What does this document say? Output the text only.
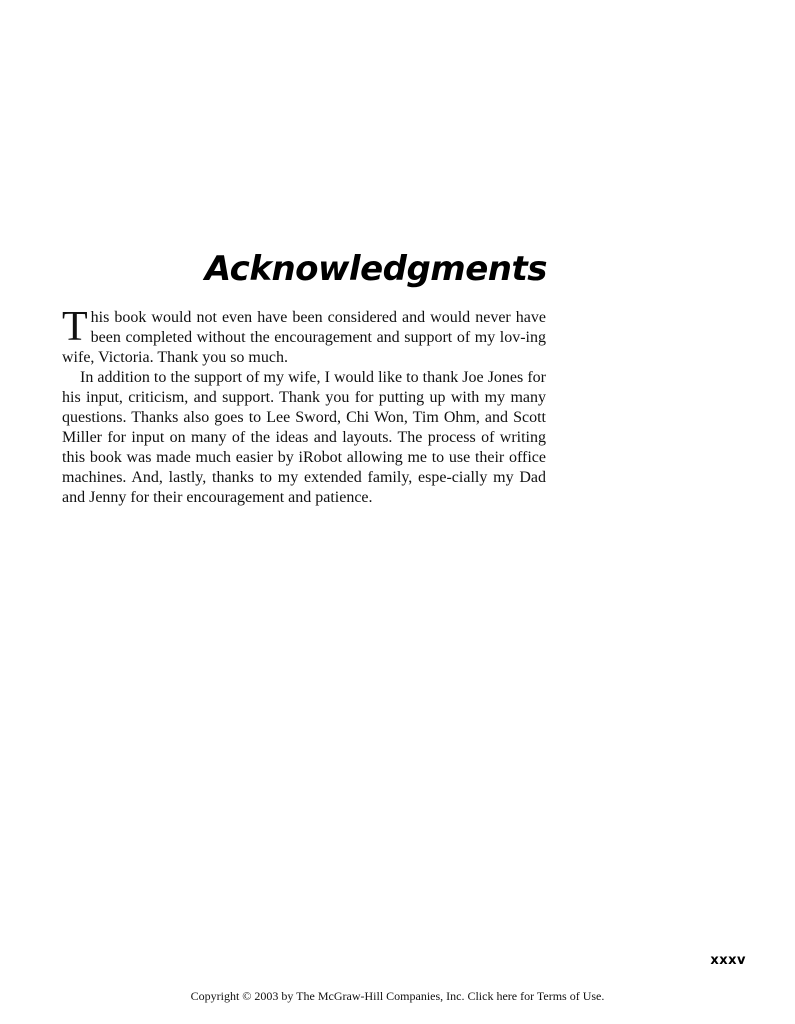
Acknowledgments

This book would not even have been considered and would never have been completed without the encouragement and support of my lov-ing wife, Victoria. Thank you so much.

In addition to the support of my wife, I would like to thank Joe Jones for his input, criticism, and support. Thank you for putting up with my many questions. Thanks also goes to Lee Sword, Chi Won, Tim Ohm, and Scott Miller for input on many of the ideas and layouts. The process of writing this book was made much easier by iRobot allowing me to use their office machines. And, lastly, thanks to my extended family, espe-cially my Dad and Jenny for their encouragement and patience.

xxxv
Copyright © 2003 by The McGraw-Hill Companies, Inc. Click here for Terms of Use.
